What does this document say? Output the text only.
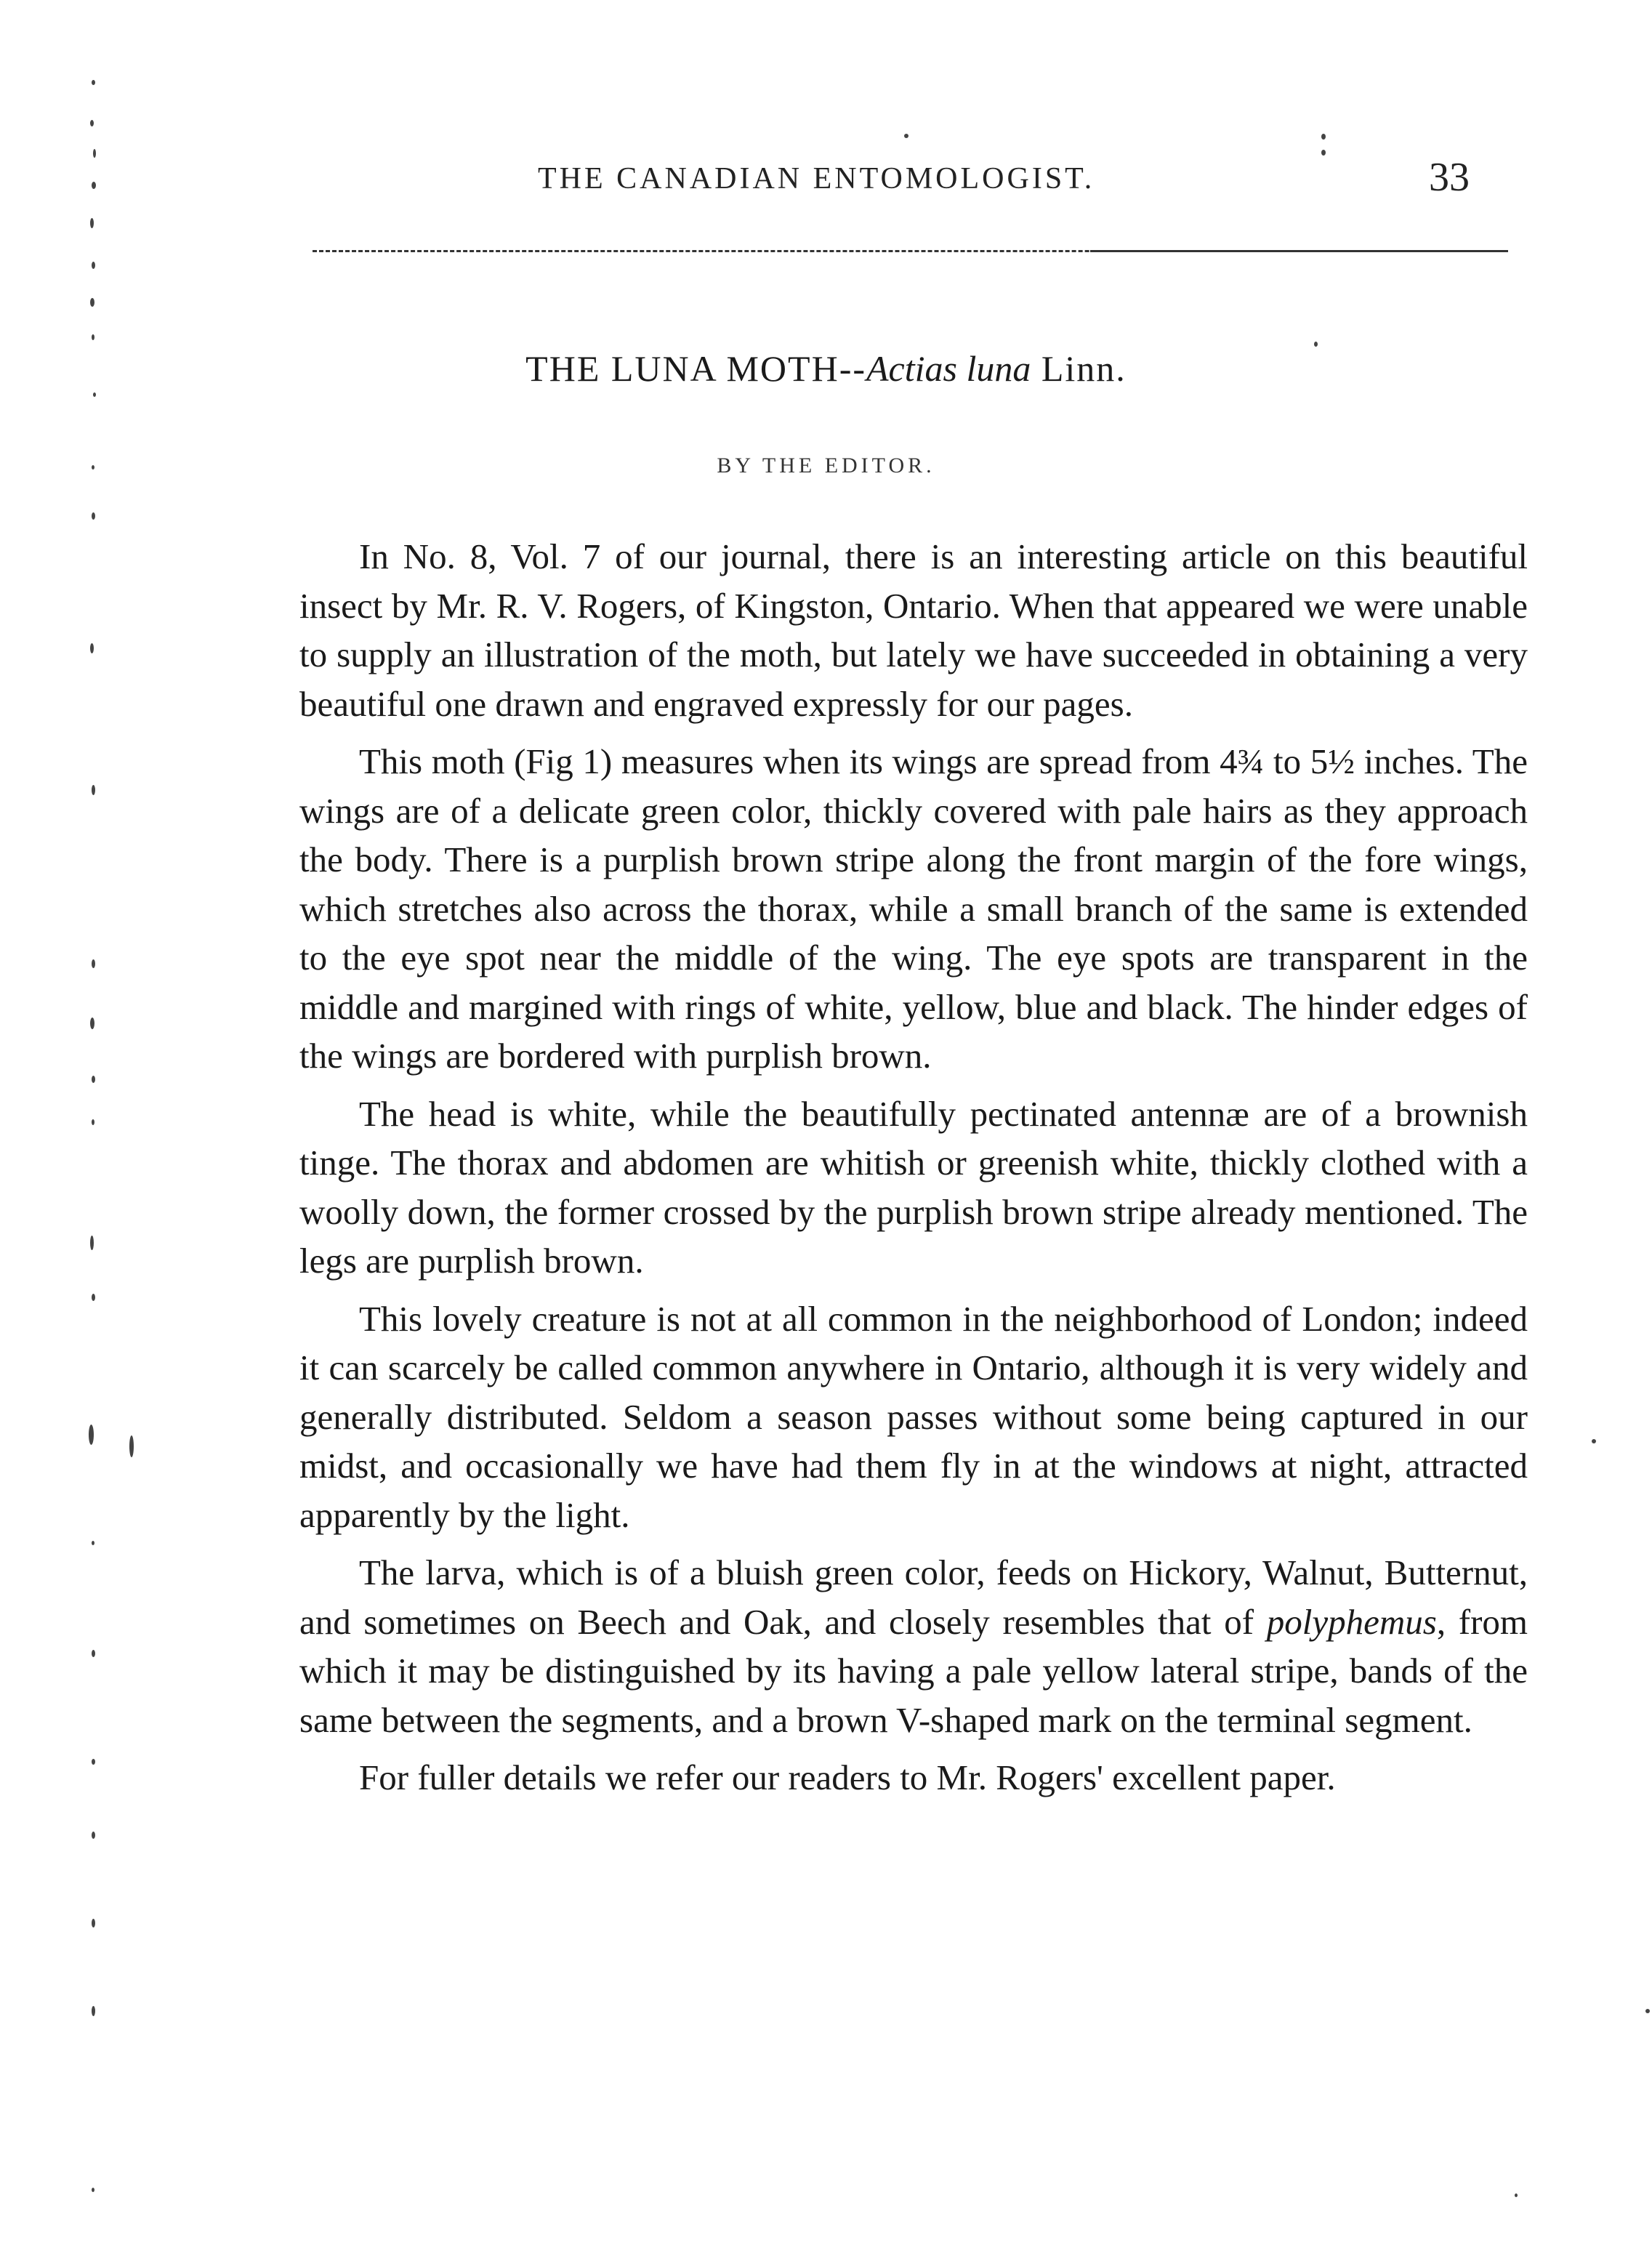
THE CANADIAN ENTOMOLOGIST.	33
THE LUNA MOTH--Actias luna Linn.
BY THE EDITOR.

In No. 8, Vol. 7 of our journal, there is an interesting article on this beautiful insect by Mr. R. V. Rogers, of Kingston, Ontario. When that appeared we were unable to supply an illustration of the moth, but lately we have succeeded in obtaining a very beautiful one drawn and engraved expressly for our pages.

This moth (Fig 1) measures when its wings are spread from 4¾ to 5½ inches. The wings are of a delicate green color, thickly covered with pale hairs as they approach the body. There is a purplish brown stripe along the front margin of the fore wings, which stretches also across the thorax, while a small branch of the same is extended to the eye spot near the middle of the wing. The eye spots are transparent in the middle and margined with rings of white, yellow, blue and black. The hinder edges of the wings are bordered with purplish brown.

The head is white, while the beautifully pectinated antennæ are of a brownish tinge. The thorax and abdomen are whitish or greenish white, thickly clothed with a woolly down, the former crossed by the purplish brown stripe already mentioned. The legs are purplish brown.

This lovely creature is not at all common in the neighborhood of London; indeed it can scarcely be called common anywhere in Ontario, although it is very widely and generally distributed. Seldom a season passes without some being captured in our midst, and occasionally we have had them fly in at the windows at night, attracted apparently by the light.

The larva, which is of a bluish green color, feeds on Hickory, Walnut, Butternut, and sometimes on Beech and Oak, and closely resembles that of polyphemus, from which it may be distinguished by its having a pale yellow lateral stripe, bands of the same between the segments, and a brown V-shaped mark on the terminal segment.

For fuller details we refer our readers to Mr. Rogers' excellent paper.
